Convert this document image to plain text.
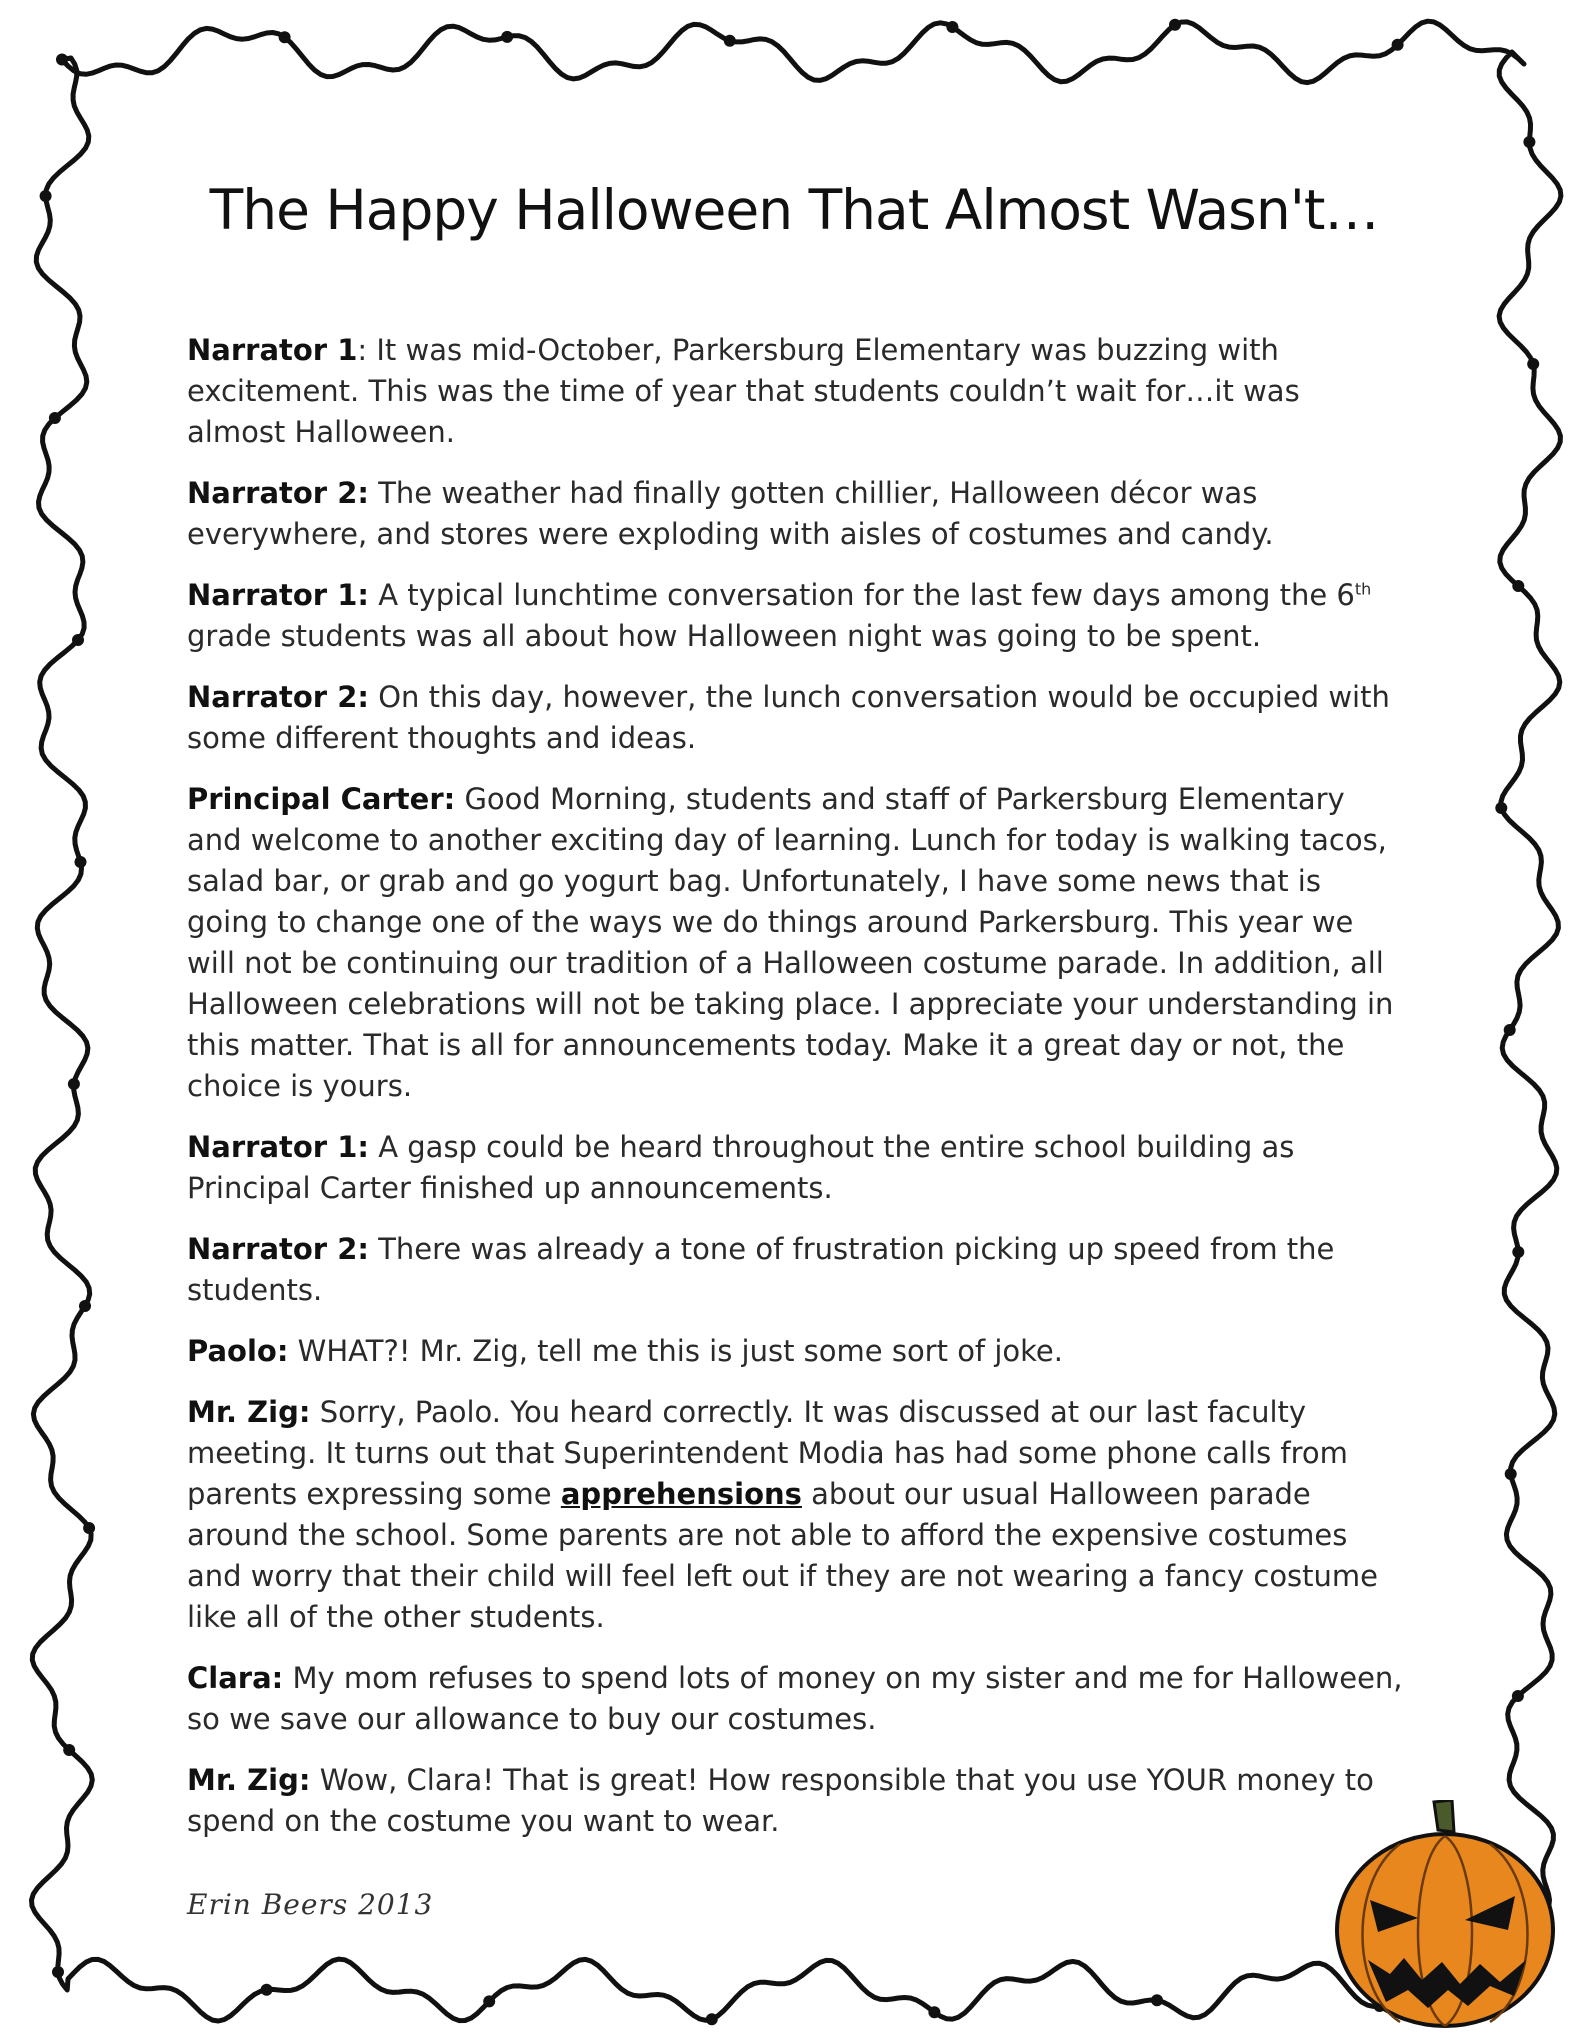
The Happy Halloween That Almost Wasn't…

Narrator 1: It was mid-October, Parkersburg Elementary was buzzing with excitement. This was the time of year that students couldn’t wait for…it was almost Halloween.

Narrator 2: The weather had finally gotten chillier, Halloween décor was everywhere, and stores were exploding with aisles of costumes and candy.

Narrator 1: A typical lunchtime conversation for the last few days among the 6th grade students was all about how Halloween night was going to be spent.

Narrator 2: On this day, however, the lunch conversation would be occupied with some different thoughts and ideas.

Principal Carter: Good Morning, students and staff of Parkersburg Elementary and welcome to another exciting day of learning. Lunch for today is walking tacos, salad bar, or grab and go yogurt bag. Unfortunately, I have some news that is going to change one of the ways we do things around Parkersburg. This year we will not be continuing our tradition of a Halloween costume parade. In addition, all Halloween celebrations will not be taking place. I appreciate your understanding in this matter. That is all for announcements today. Make it a great day or not, the choice is yours.

Narrator 1: A gasp could be heard throughout the entire school building as Principal Carter finished up announcements.

Narrator 2: There was already a tone of frustration picking up speed from the students.

Paolo: WHAT?! Mr. Zig, tell me this is just some sort of joke.

Mr. Zig: Sorry, Paolo. You heard correctly. It was discussed at our last faculty meeting. It turns out that Superintendent Modia has had some phone calls from parents expressing some apprehensions about our usual Halloween parade around the school. Some parents are not able to afford the expensive costumes and worry that their child will feel left out if they are not wearing a fancy costume like all of the other students.

Clara: My mom refuses to spend lots of money on my sister and me for Halloween, so we save our allowance to buy our costumes.

Mr. Zig: Wow, Clara! That is great! How responsible that you use YOUR money to spend on the costume you want to wear.

Erin Beers 2013
